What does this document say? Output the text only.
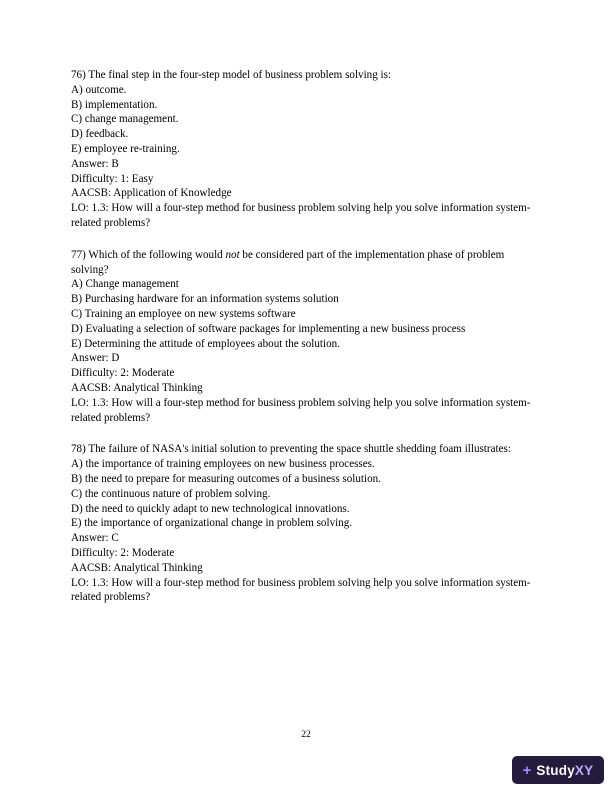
76) The final step in the four-step model of business problem solving is:
A) outcome.
B) implementation.
C) change management.
D) feedback.
E) employee re-training.
Answer: B
Difficulty: 1: Easy
AACSB: Application of Knowledge
LO: 1.3: How will a four-step method for business problem solving help you solve information system-related problems?
77) Which of the following would not be considered part of the implementation phase of problem solving?
A) Change management
B) Purchasing hardware for an information systems solution
C) Training an employee on new systems software
D) Evaluating a selection of software packages for implementing a new business process
E) Determining the attitude of employees about the solution.
Answer: D
Difficulty: 2: Moderate
AACSB: Analytical Thinking
LO: 1.3: How will a four-step method for business problem solving help you solve information system-related problems?
78) The failure of NASA's initial solution to preventing the space shuttle shedding foam illustrates:
A) the importance of training employees on new business processes.
B) the need to prepare for measuring outcomes of a business solution.
C) the continuous nature of problem solving.
D) the need to quickly adapt to new technological innovations.
E) the importance of organizational change in problem solving.
Answer: C
Difficulty: 2: Moderate
AACSB: Analytical Thinking
LO: 1.3: How will a four-step method for business problem solving help you solve information system-related problems?
22
+ StudyXY
